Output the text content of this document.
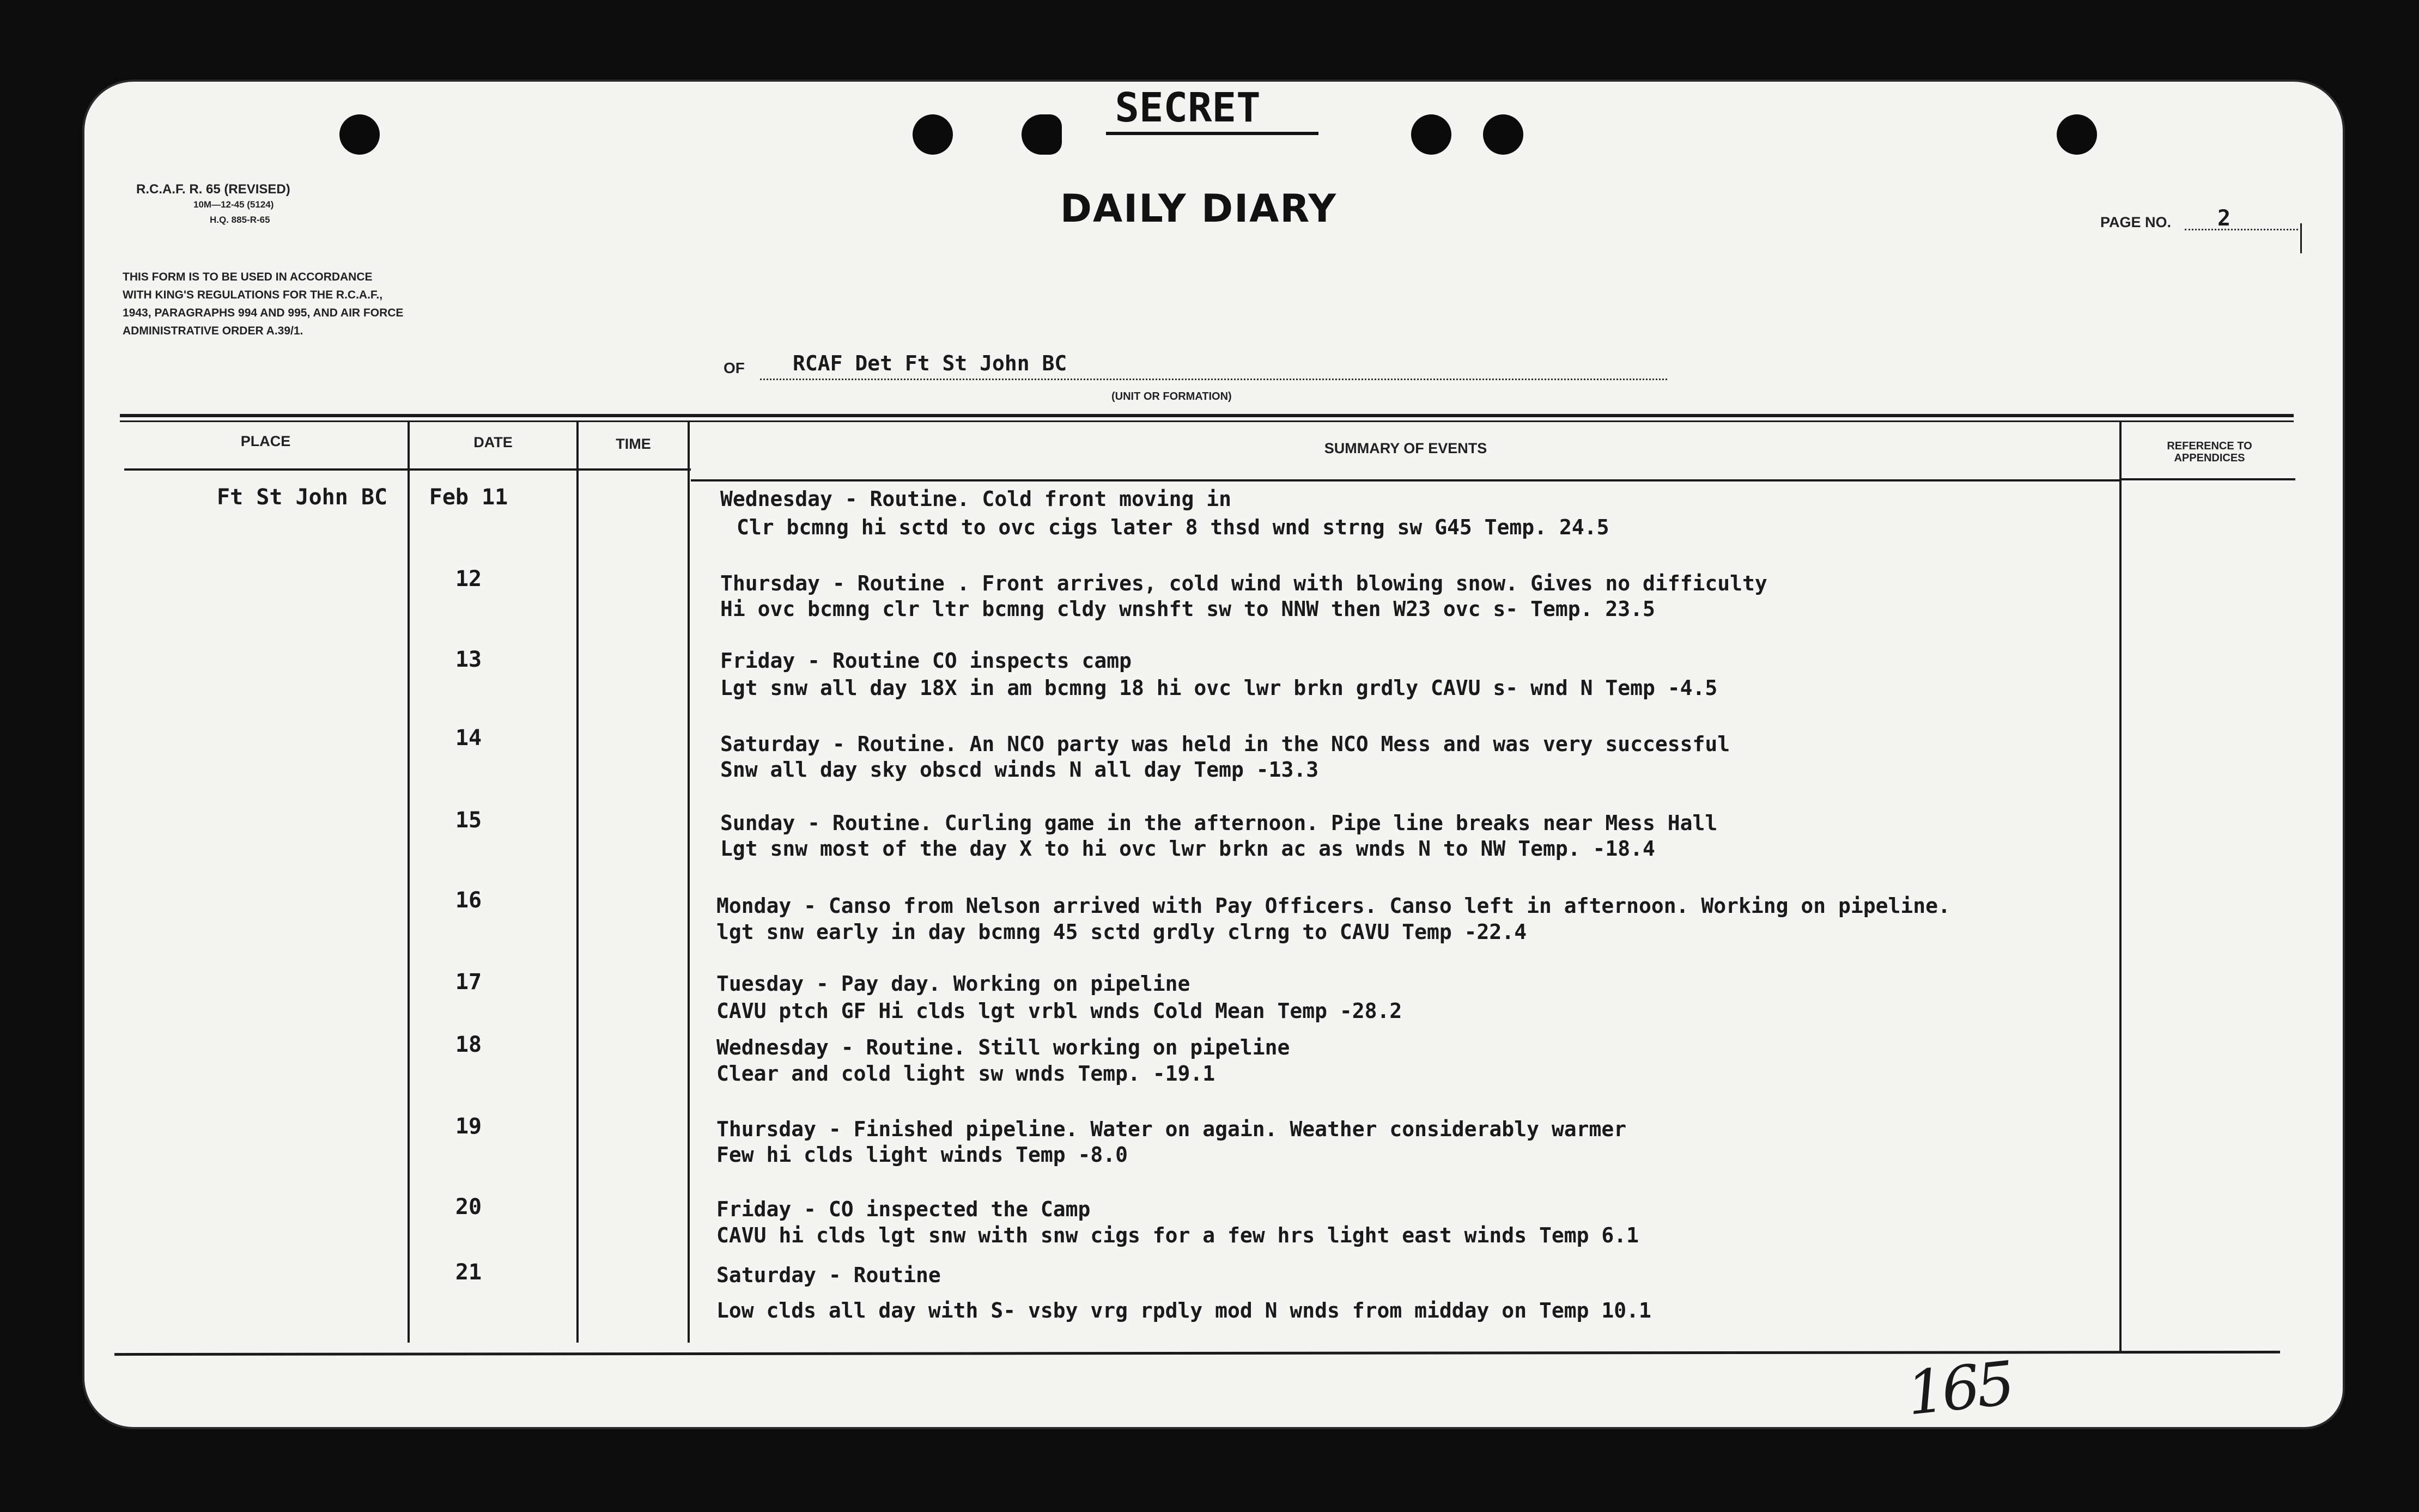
R.C.A.F. R. 65 (REVISED)
10M—12-45 (5124)
H.Q. 885-R-65
THIS FORM IS TO BE USED IN ACCORDANCE
WITH KING'S REGULATIONS FOR THE R.C.A.F.,
1943, PARAGRAPHS 994 AND 995, AND AIR FORCE
ADMINISTRATIVE ORDER A.39/1.
SECRET
DAILY DIARY	PAGE NO. 2
OF RCAF Det Ft St John BC
(UNIT OR FORMATION)
PLACE	DATE	TIME	SUMMARY OF EVENTS	REFERENCE TO
APPENDICES
Ft St John BC	Feb 11	Wednesday - Routine. Cold front moving in
Clr bcmng hi sctd to ovc cigs later 8 thsd wnd strng sw G45 Temp. 24.5
12	Thursday - Routine . Front arrives, cold wind with blowing snow. Gives no difficulty
Hi ovc bcmng clr ltr bcmng cldy wnshft sw to NNW then W23 ovc s- Temp. 23.5
13	Friday - Routine CO inspects camp
Lgt snw all day 18X in am bcmng 18 hi ovc lwr brkn grdly CAVU s- wnd N Temp -4.5
14	Saturday - Routine. An NCO party was held in the NCO Mess and was very successful
Snw all day sky obscd winds N all day Temp -13.3
15	Sunday - Routine. Curling game in the afternoon. Pipe line breaks near Mess Hall
Lgt snw most of the day X to hi ovc lwr brkn ac as wnds N to NW Temp. -18.4
16	Monday - Canso from Nelson arrived with Pay Officers. Canso left in afternoon. Working on pipeline.
lgt snw early in day bcmng 45 sctd grdly clrng to CAVU Temp -22.4
17	Tuesday - Pay day. Working on pipeline
CAVU ptch GF Hi clds lgt vrbl wnds Cold Mean Temp -28.2
18	Wednesday - Routine. Still working on pipeline
Clear and cold light sw wnds Temp. -19.1
19	Thursday - Finished pipeline. Water on again. Weather considerably warmer
Few hi clds light winds Temp -8.0
20	Friday - CO inspected the Camp
CAVU hi clds lgt snw with snw cigs for a few hrs light east winds Temp 6.1
21	Saturday - Routine
Low clds all day with S- vsby vrg rpdly mod N wnds from midday on Temp 10.1
165
